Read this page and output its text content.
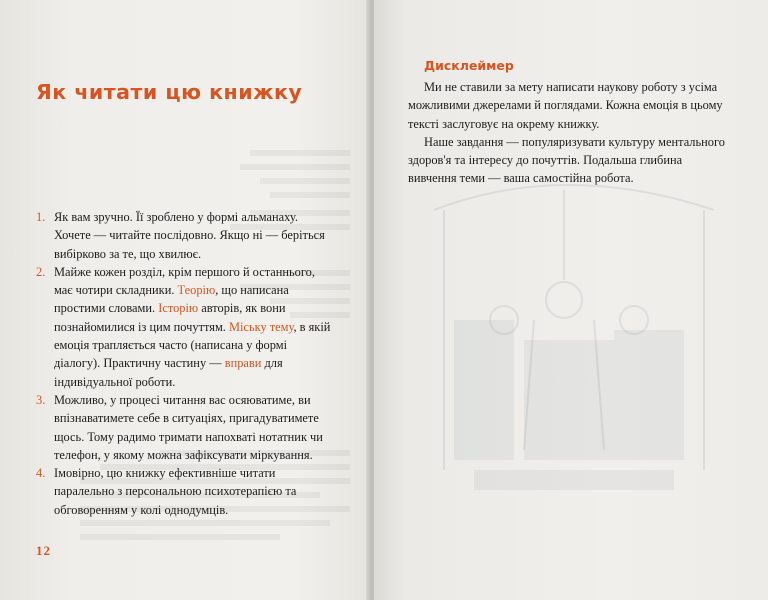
Як читати цю книжку
1. Як вам зручно. Її зроблено у формі альманаху. Хочете — читайте послідовно. Якщо ні — беріться вибірково за те, що хвилює.
2. Майже кожен розділ, крім першого й останнього, має чотири складники. Теорію, що написана простими словами. Історію авторів, як вони познайомилися із цим почуттям. Міську тему, в якій емоція трапляється часто (написана у формі діалогу). Практичну частину — вправи для індивідуальної роботи.
3. Можливо, у процесі читання вас осяюватиме, ви впізнаватимете себе в ситуаціях, пригадуватимете щось. Тому радимо тримати напохваті нотатник чи телефон, у якому можна зафіксувати міркування.
4. Імовірно, цю книжку ефективніше читати паралельно з персональною психотерапією та обговоренням у колі однодумців.
12
Дисклеймер

Ми не ставили за мету написати наукову роботу з усіма можливими джерелами й поглядами. Кожна емоція в цьому тексті заслуговує на окрему книжку.

Наше завдання — популяризувати культуру ментального здоров'я та інтересу до почуттів. Подальша глибина вивчення теми — ваша самостійна робота.
